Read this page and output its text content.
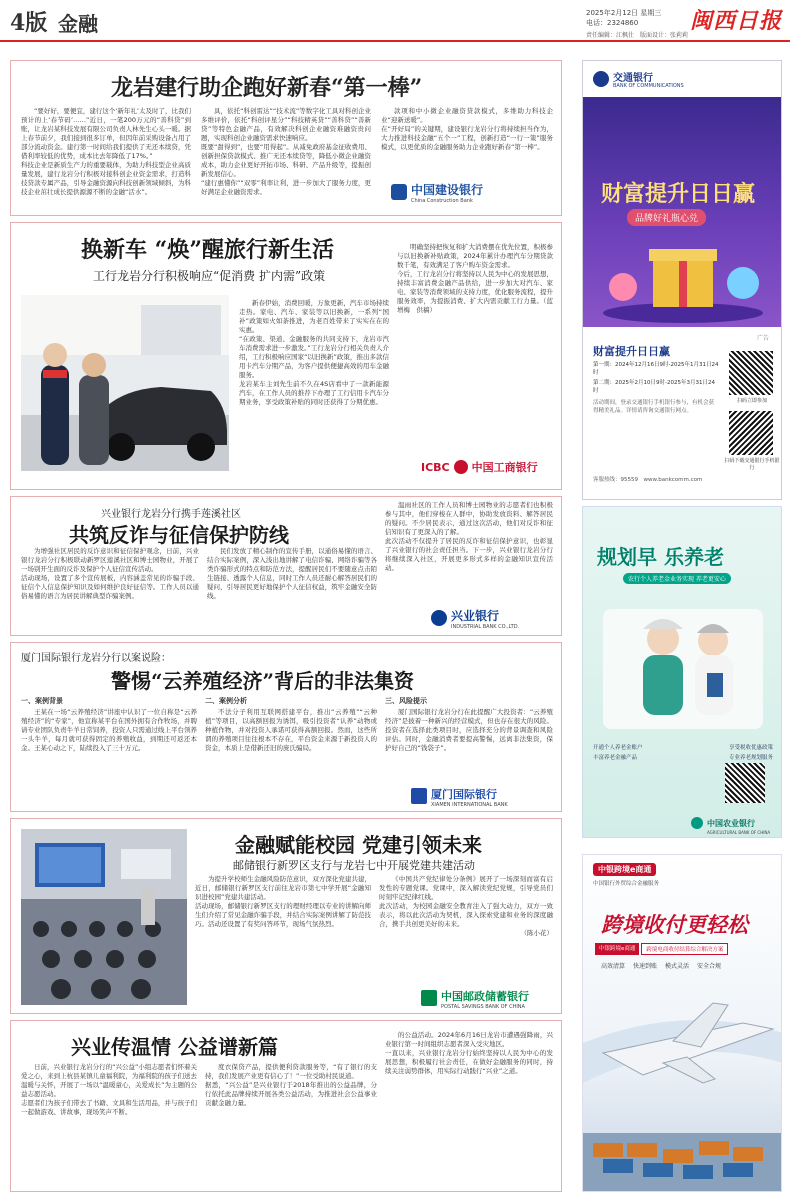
4版 金融	2025年2月12日 星期三
电话：2324860
责任编辑：江枫仕　版面设计：张莉莉
闽西日报
龙岩建行助企跑好新春“第一棒”
“要好好，要便宜，建行这个‘新年礼’太及时了，比我们预计的上‘春节码’……”近日，一笔200万元的“善科贷”到账，让龙岩某科技发展有限公司负责人林先生心头一暖。据上春节前夕，我们接到很多订单，但因年前采购设备占用了部分流动资金。建行第一时间给我们提供了无还本续贷，凭借利率较低的优势，成本比去年降低了17%。”
科技企业是新质生产力的重要载体，为助力科技型企业高质量发展，建行龙岩分行积极对接科创企业资金需求，打造科技贷款专属产品，引导金融资源向科技创新领域倾斜，为科技企业茁壮成长提供源源不断的金融“活水”。
具，依托“科创雷达”“技术流”等数字化工具对科创企业多维评价，依托“科创评星分”“科技精英贷”“善科贷”“善新贷”等特色金融产品，有效解决科创企业融资难融资贵问题，实现科创企业融资需求快速响应。
既要“甜得到”，也要“用得起”。从减免政府基金征收费用、创新担保贷款模式、推广无还本续贷等，降低小微企业融资成本，助力企业更好开拓市场、科研、产品升级等，提振创新发展信心。
“建行惠懂你”“双零”利率让利，进一步加大了服务力度，更好满足企业融资需求。
款项和中小微企业融资贷款模式，多维助力科技企业“迎新送暖”。
在“开好局”的关键期，建设银行龙岩分行将持续担当作为，大力推进科技金融“五个一”工程，创新打造“一行一策”服务模式，以更优质的金融服务助力企业跑好新春“第一棒”。
中国建设银行
China Construction Bank
换新车 “焕”醒旅行新生活
工行龙岩分行积极响应“促消费 扩内需”政策
新春伊始，消费回暖，万象更新，汽车市场持续走热。家电、汽车、家装等以旧换新，一系列“国补”政策如火如荼推进，为老百姓带来了实实在在的实惠。
“在政策、渠道、金融服务的共同支持下，龙岩市汽车消费需求进一步激发。”工行龙岩分行相关负责人介绍，工行积极响应国家“以旧换新”政策，推出多款信用卡汽车分期产品，为客户提供便捷高效的用车金融服务。
龙岩某车主刘先生前不久在4S店看中了一款新能源汽车，在工作人员的推荐下办理了工行信用卡汽车分期业务，享受政策补贴的同时还获得了分期优惠。
明确坚持把恢复和扩大消费摆在优先位置，积极参与以旧换新补贴政策，2024年累计办理汽车分期贷款数千笔，有效满足了客户购车资金需求。
今后，工行龙岩分行将坚持以人民为中心的发展思想，持续丰富消费金融产品供给，进一步加大对汽车、家电、家装等消费领域的支持力度，优化服务流程，提升服务效率，为提振消费、扩大内需贡献工行力量。（蓝增梅　供稿）
ICBC 中国工商银行
兴业银行龙岩分行携手莲溪社区
共筑反诈与征信保护防线
为增强社区居民的反诈意识和征信保护观念，日前，兴业银行龙岩分行积极联动新罗区莲溪社区和博士园物业，开展了一场别开生面的反诈及保护个人征信宣传活动。
活动现场，设置了多个宣传展板，内容涵盖常见的诈骗手段、征信个人信息保护知识及如何维护良好征信等。工作人员以通俗易懂的语言为居民讲解典型诈骗案例。
民们发放了精心制作的宣传手册，以通俗易懂的语言、结合实际案例，深入浅出地讲解了电信诈骗、网络诈骗等各类诈骗形式的特点和防范方法，提醒居民们不要随意点击陌生链接、透露个人信息，同时工作人员还耐心解答居民们的疑问，引导居民更好地保护个人征信权益，筑牢金融安全防线。
温雨社区的工作人员和博士园物业的志愿者们也积极参与其中，他们穿梭在人群中，协助发放资料、解答居民的疑问。不少居民表示，通过这次活动，他们对反诈和征信知识有了更深入的了解。
此次活动不仅提升了居民的反诈和征信保护意识，也彰显了兴业银行的社会责任担当。下一步，兴业银行龙岩分行将继续深入社区，开展更多形式多样的金融知识宣传活动。
兴业银行
INDUSTRIAL BANK CO.,LTD.
厦门国际银行龙岩分行以案说险：
警惕“云养殖经济”背后的非法集资
一、案例背景
王某在一场“云养殖经济”讲座中认识了一位自称是“云养殖经济”的“专家”，他宣称某平台在国外拥有合作牧场，并聘请专业团队负责牛羊日常饲养，投资人只需通过线上平台领养一头牛羊，每月就可获得固定的养殖收益，到期还可返还本金。王某心动之下，陆续投入了三十万元。
二、案例分析
不法分子利用互联网搭建平台，推出“云养殖”“云种植”等项目，以高额回报为诱饵，吸引投资者“认养”动物或种植作物，并对投资人承诺可获得高额回报。然而，这些所谓的养殖项目往往根本不存在，平台资金来源于新投资人的资金，本质上是借新还旧的庞氏骗局。
三、风险提示
厦门国际银行龙岩分行在此提醒广大投资者：“云养殖经济”是披着一种新兴的经营模式，但也存在很大的风险。投资者在选择此类项目时，应选择充分的背景调查和风险评估。同时，金融消费者要提高警惕，远离非法集资，保护好自己的“钱袋子”。
厦门国际银行
XIAMEN INTERNATIONAL BANK
金融赋能校园 党建引领未来
邮储银行新罗区支行与龙岩七中开展党建共建活动
为提升学校师生金融风险防范意识，双方深化党建共建，近日，邮储银行新罗区支行前往龙岩市第七中学开展“金融知识进校园”党建共建活动。
活动现场，邮储银行新罗区支行的理财经理以专业的讲解向师生们介绍了常见金融诈骗手段，并结合实际案例讲解了防范技巧。活动还设置了有奖问答环节，现场气氛热烈。
《中国共产党纪律处分条例》展开了一场深刻而富有启发性的专题党课。党课中，深入解读党纪党规，引导党员们时刻牢记纪律红线。
此次活动，为校园金融安全教育注入了强大动力，双方一致表示，将以此次活动为契机，深入探索党建和业务的深度融合，携手共创更美好的未来。
（陈小花）
中国邮政储蓄银行
POSTAL SAVINGS BANK OF CHINA
兴业传温情 公益谱新篇
日前，兴业银行龙岩分行的“兴公益”小组志愿者们怀着关爱之心，来到上杭县某镇儿童福利院，为福利院的孩子们送去温暖与关怀，开展了一场以“温暖童心，关爱成长”为主题的公益志愿活动。
志愿者们为孩子们带去了书籍、文具和生活用品，并与孩子们一起做游戏、讲故事，现场笑声不断。
度衣保贷产品，提供便利贷款服务等，“有了银行的支持，我们发展产业更有信心了！”一位受助村民说道。
据悉，“兴公益”是兴业银行于2018年推出的公益品牌，分行依托此品牌持续开展各类公益活动，为推进社会公益事业贡献金融力量。
的公益活动。2024年6月16日龙岩市遭遇强降雨，兴业银行第一时间组织志愿者深入受灾地区。
一直以来，兴业银行龙岩分行始终坚持以人民为中心的发展思想，积极履行社会责任，在做好金融服务的同时，持续关注弱势群体，用实际行动践行“兴业”之道。
交通银行
BANK OF COMMUNICATIONS
财富提升日日赢
品牌好礼瓶心兑
广告
财富提升日日赢
第一期：2024年12月16日9时-2025年1月31日24时
第二期：2025年2月10日9时-2025年3月31日24时
活动期间，登录交通银行手机银行参与，有机会获得精美礼品。详情请咨询交通银行网点。
扫码立即参加
扫码下载交通银行手机银行
客服热线：95559　www.bankcomm.com
规划早 乐养老
农行个人养老金业务实现 养老更安心
开通个人养老金账户	享受税收优惠政策
丰富养老金融产品	专业养老规划服务
中国农业银行
AGRICULTURAL BANK OF CHINA
中银跨境e商通
中国银行外贸综合金融服务
跨境收付更轻松
中银跨境e商通	跨境电商收付结算综合解决方案
高效清算 快速到账 模式灵活 安全合规
